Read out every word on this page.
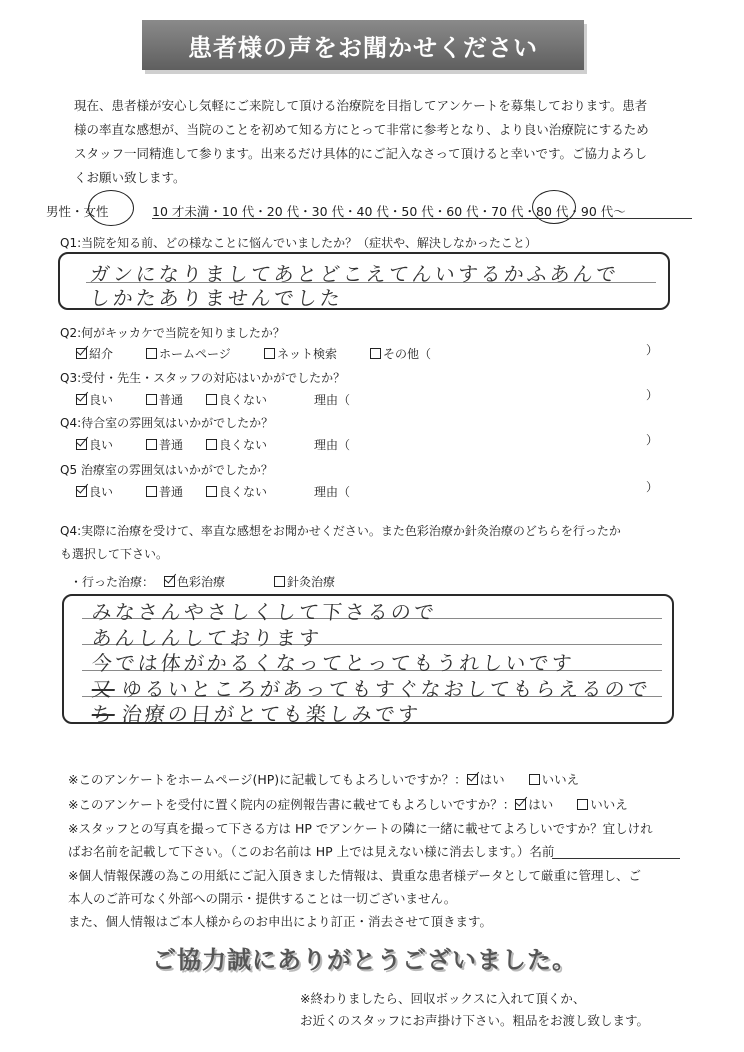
患者様の声をお聞かせください
現在、患者様が安心し気軽にご来院して頂ける治療院を目指してアンケートを募集しております。患者
様の率直な感想が、当院のことを初めて知る方にとって非常に参考となり、より良い治療院にするため
スタッフ一同精進して参ります。出来るだけ具体的にご記入なさって頂けると幸いです。ご協力よろし
くお願い致します。
男性・女性	10 才未満・10 代・20 代・30 代・40 代・50 代・60 代・70 代・80 代・90 代〜
Q1:当院を知る前、どの様なことに悩んでいましたか？（症状や、解決しなかったこと）
ガンになりましてあとどこえてんいするかふあんで
しかたありませんでした
Q2:何がキッカケで当院を知りましたか？
紹介	ホームページ	ネット検索	その他（	）
Q3:受付・先生・スタッフの対応はいかがでしたか？
良い	普通	良くない	理由（	）
Q4:待合室の雰囲気はいかがでしたか？
良い	普通	良くない	理由（	）
Q5 治療室の雰囲気はいかがでしたか？
良い	普通	良くない	理由（	）
Q4:実際に治療を受けて、率直な感想をお聞かせください。また色彩治療か針灸治療のどちらを行ったか
も選択して下さい。
・行った治療： 色彩治療	針灸治療
みなさんやさしくして下さるので
あんしんしております
今では体がかるくなってとってもうれしいです
又 ゆるいところがあってもすぐなおしてもらえるので
ち 治療の日がとても楽しみです
※このアンケートをホームページ(HP)に記載してもよろしいですか？： はい	いいえ
※このアンケートを受付に置く院内の症例報告書に載せてもよろしいですか？： はい	いいえ
※スタッフとの写真を撮って下さる方は HP でアンケートの隣に一緒に載せてよろしいですか？宜しけれ
ばお名前を記載して下さい。（このお名前は HP 上では見えない様に消去します。）名前
※個人情報保護の為この用紙にご記入頂きました情報は、貴重な患者様データとして厳重に管理し、ご
本人のご許可なく外部への開示・提供することは一切ございません。
また、個人情報はご本人様からのお申出により訂正・消去させて頂きます。
ご協力誠にありがとうございました。
※終わりましたら、回収ボックスに入れて頂くか、
お近くのスタッフにお声掛け下さい。粗品をお渡し致します。
